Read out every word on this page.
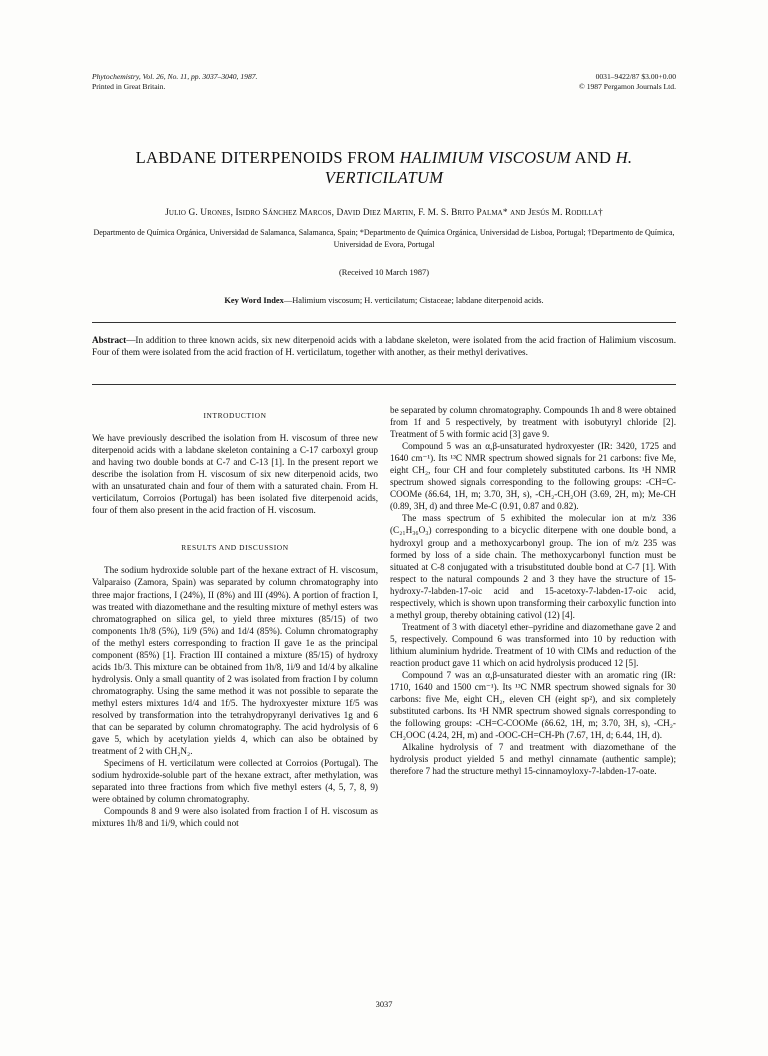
Phytochemistry, Vol. 26, No. 11, pp. 3037–3040, 1987.
Printed in Great Britain.
0031–9422/87 $3.00+0.00
© 1987 Pergamon Journals Ltd.
LABDANE DITERPENOIDS FROM HALIMIUM VISCOSUM AND H. VERTICILATUM
Julio G. Urones, Isidro Sánchez Marcos, David Diez Martin, F. M. S. Brito Palma* and Jesús M. Rodilla†
Departmento de Química Orgánica, Universidad de Salamanca, Salamanca, Spain; *Departmento de Química Orgánica, Universidad de Lisboa, Portugal; †Departmento de Química, Universidad de Evora, Portugal
(Received 10 March 1987)
Key Word Index—Halimium viscosum; H. verticilatum; Cistaceae; labdane diterpenoid acids.
Abstract—In addition to three known acids, six new diterpenoid acids with a labdane skeleton, were isolated from the acid fraction of Halimium viscosum. Four of them were isolated from the acid fraction of H. verticilatum, together with another, as their methyl derivatives.
INTRODUCTION

We have previously described the isolation from H. viscosum of three new diterpenoid acids with a labdane skeleton containing a C-17 carboxyl group and having two double bonds at C-7 and C-13 [1]. In the present report we describe the isolation from H. viscosum of six new diterpenoid acids, two with an unsaturated chain and four of them with a saturated chain. From H. verticilatum, Corroios (Portugal) has been isolated five diterpenoid acids, four of them also present in the acid fraction of H. viscosum.

RESULTS AND DISCUSSION

The sodium hydroxide soluble part of the hexane extract of H. viscosum, Valparaiso (Zamora, Spain) was separated by column chromatography into three major fractions, I (24%), II (8%) and III (49%). A portion of fraction I, was treated with diazomethane and the resulting mixture of methyl esters was chromatographed on silica gel, to yield three mixtures (85/15) of two components 1h/8 (5%), 1i/9 (5%) and 1d/4 (85%). Column chromatography of the methyl esters corresponding to fraction II gave 1e as the principal component (85%) [1]. Fraction III contained a mixture (85/15) of hydroxy acids 1b/3. This mixture can be obtained from 1h/8, 1i/9 and 1d/4 by alkaline hydrolysis. Only a small quantity of 2 was isolated from fraction I by column chromatography. Using the same method it was not possible to separate the methyl esters mixtures 1d/4 and 1f/5. The hydroxyester mixture 1f/5 was resolved by transformation into the tetrahydropyranyl derivatives 1g and 6 that can be separated by column chromatography. The acid hydrolysis of 6 gave 5, which by acetylation yields 4, which can also be obtained by treatment of 2 with CH₂N₂.

Specimens of H. verticilatum were collected at Corroios (Portugal). The sodium hydroxide-soluble part of the hexane extract, after methylation, was separated into three fractions from which five methyl esters (4, 5, 7, 8, 9) were obtained by column chromatography.

Compounds 8 and 9 were also isolated from fraction I of H. viscosum as mixtures 1h/8 and 1i/9, which could not

be separated by column chromatography. Compounds 1h and 8 were obtained from 1f and 5 respectively, by treatment with isobutyryl chloride [2]. Treatment of 5 with formic acid [3] gave 9.

Compound 5 was an α,β-unsaturated hydroxyester (IR: 3420, 1725 and 1640 cm⁻¹). Its ¹³C NMR spectrum showed signals for 21 carbons: five Me, eight CH₂, four CH and four completely substituted carbons. Its ¹H NMR spectrum showed signals corresponding to the following groups: -CH=C-COOMe (δ6.64, 1H, m; 3.70, 3H, s), -CH₂-CH₂OH (3.69, 2H, m); Me-CH (0.89, 3H, d) and three Me-C (0.91, 0.87 and 0.82).

The mass spectrum of 5 exhibited the molecular ion at m/z 336 (C₂₁H₃₆O₃) corresponding to a bicyclic diterpene with one double bond, a hydroxyl group and a methoxycarbonyl group. The ion of m/z 235 was formed by loss of a side chain. The methoxycarbonyl function must be situated at C-8 conjugated with a trisubstituted double bond at C-7 [1]. With respect to the natural compounds 2 and 3 they have the structure of 15-hydroxy-7-labden-17-oic acid and 15-acetoxy-7-labden-17-oic acid, respectively, which is shown upon transforming their carboxylic function into a methyl group, thereby obtaining cativol (12) [4].

Treatment of 3 with diacetyl ether–pyridine and diazomethane gave 2 and 5, respectively. Compound 6 was transformed into 10 by reduction with lithium aluminium hydride. Treatment of 10 with ClMs and reduction of the reaction product gave 11 which on acid hydrolysis produced 12 [5].

Compound 7 was an α,β-unsaturated diester with an aromatic ring (IR: 1710, 1640 and 1500 cm⁻¹). Its ¹³C NMR spectrum showed signals for 30 carbons: five Me, eight CH₂, eleven CH (eight sp²), and six completely substituted carbons. Its ¹H NMR spectrum showed signals corresponding to the following groups: -CH=C-COOMe (δ6.62, 1H, m; 3.70, 3H, s), -CH₂-CH₂OOC (4.24, 2H, m) and -OOC-CH=CH-Ph (7.67, 1H, d; 6.44, 1H, d).

Alkaline hydrolysis of 7 and treatment with diazomethane of the hydrolysis product yielded 5 and methyl cinnamate (authentic sample); therefore 7 had the structure methyl 15-cinnamoyloxy-7-labden-17-oate.

3037
